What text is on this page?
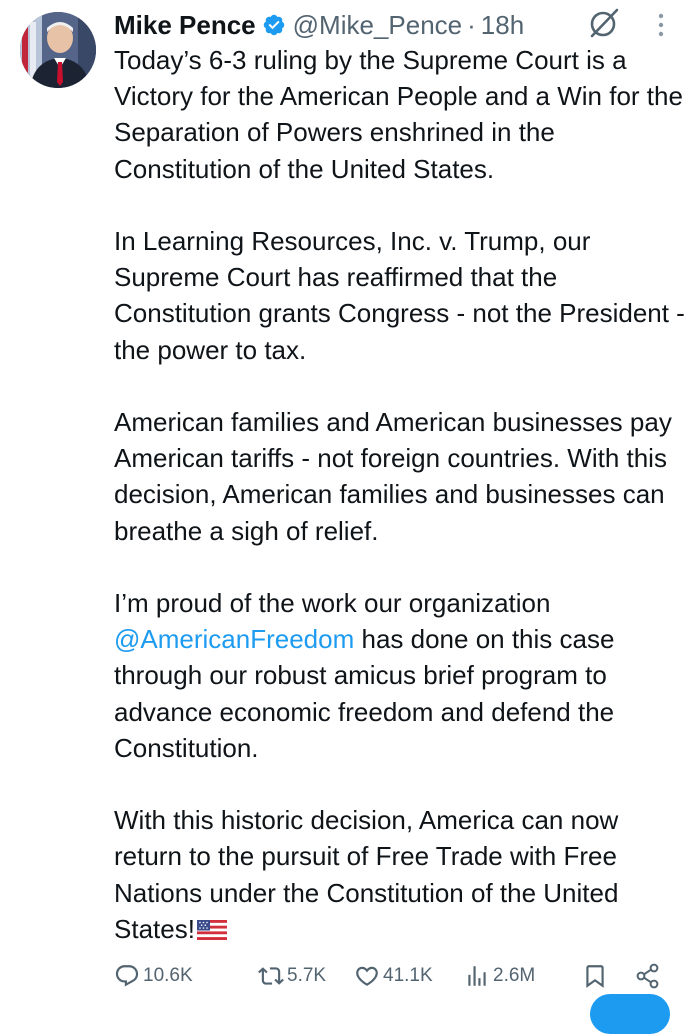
Mike Pence @Mike_Pence · 18h

Today’s 6-3 ruling by the Supreme Court is a Victory for the American People and a Win for the Separation of Powers enshrined in the Constitution of the United States.

In Learning Resources, Inc. v. Trump, our Supreme Court has reaffirmed that the Constitution grants Congress - not the President - the power to tax.

American families and American businesses pay American tariffs - not foreign countries. With this decision, American families and businesses can breathe a sigh of relief.

I’m proud of the work our organization @AmericanFreedom has done on this case through our robust amicus brief program to advance economic freedom and defend the Constitution.

With this historic decision, America can now return to the pursuit of Free Trade with Free Nations under the Constitution of the United States!

10.6K	5.7K	41.1K	2.6M
